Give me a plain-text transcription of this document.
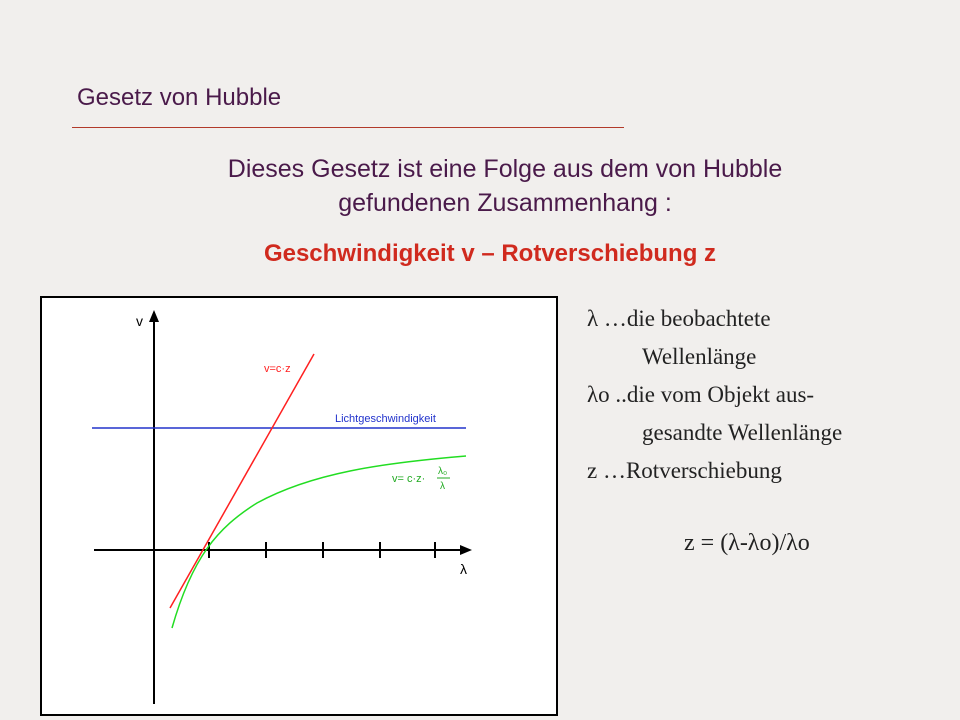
Gesetz von Hubble
Dieses Gesetz ist eine Folge aus dem von Hubble
gefundenen Zusammenhang :
Geschwindigkeit v – Rotverschiebung z
v
λ
Lichtgeschwindigkeit
v=c·z
v= c·z·
λ₀
λ
λ …die beobachtete
Wellenlänge
λo ..die vom Objekt aus-
gesandte Wellenlänge
z …Rotverschiebung
z = (λ-λo)/λo
